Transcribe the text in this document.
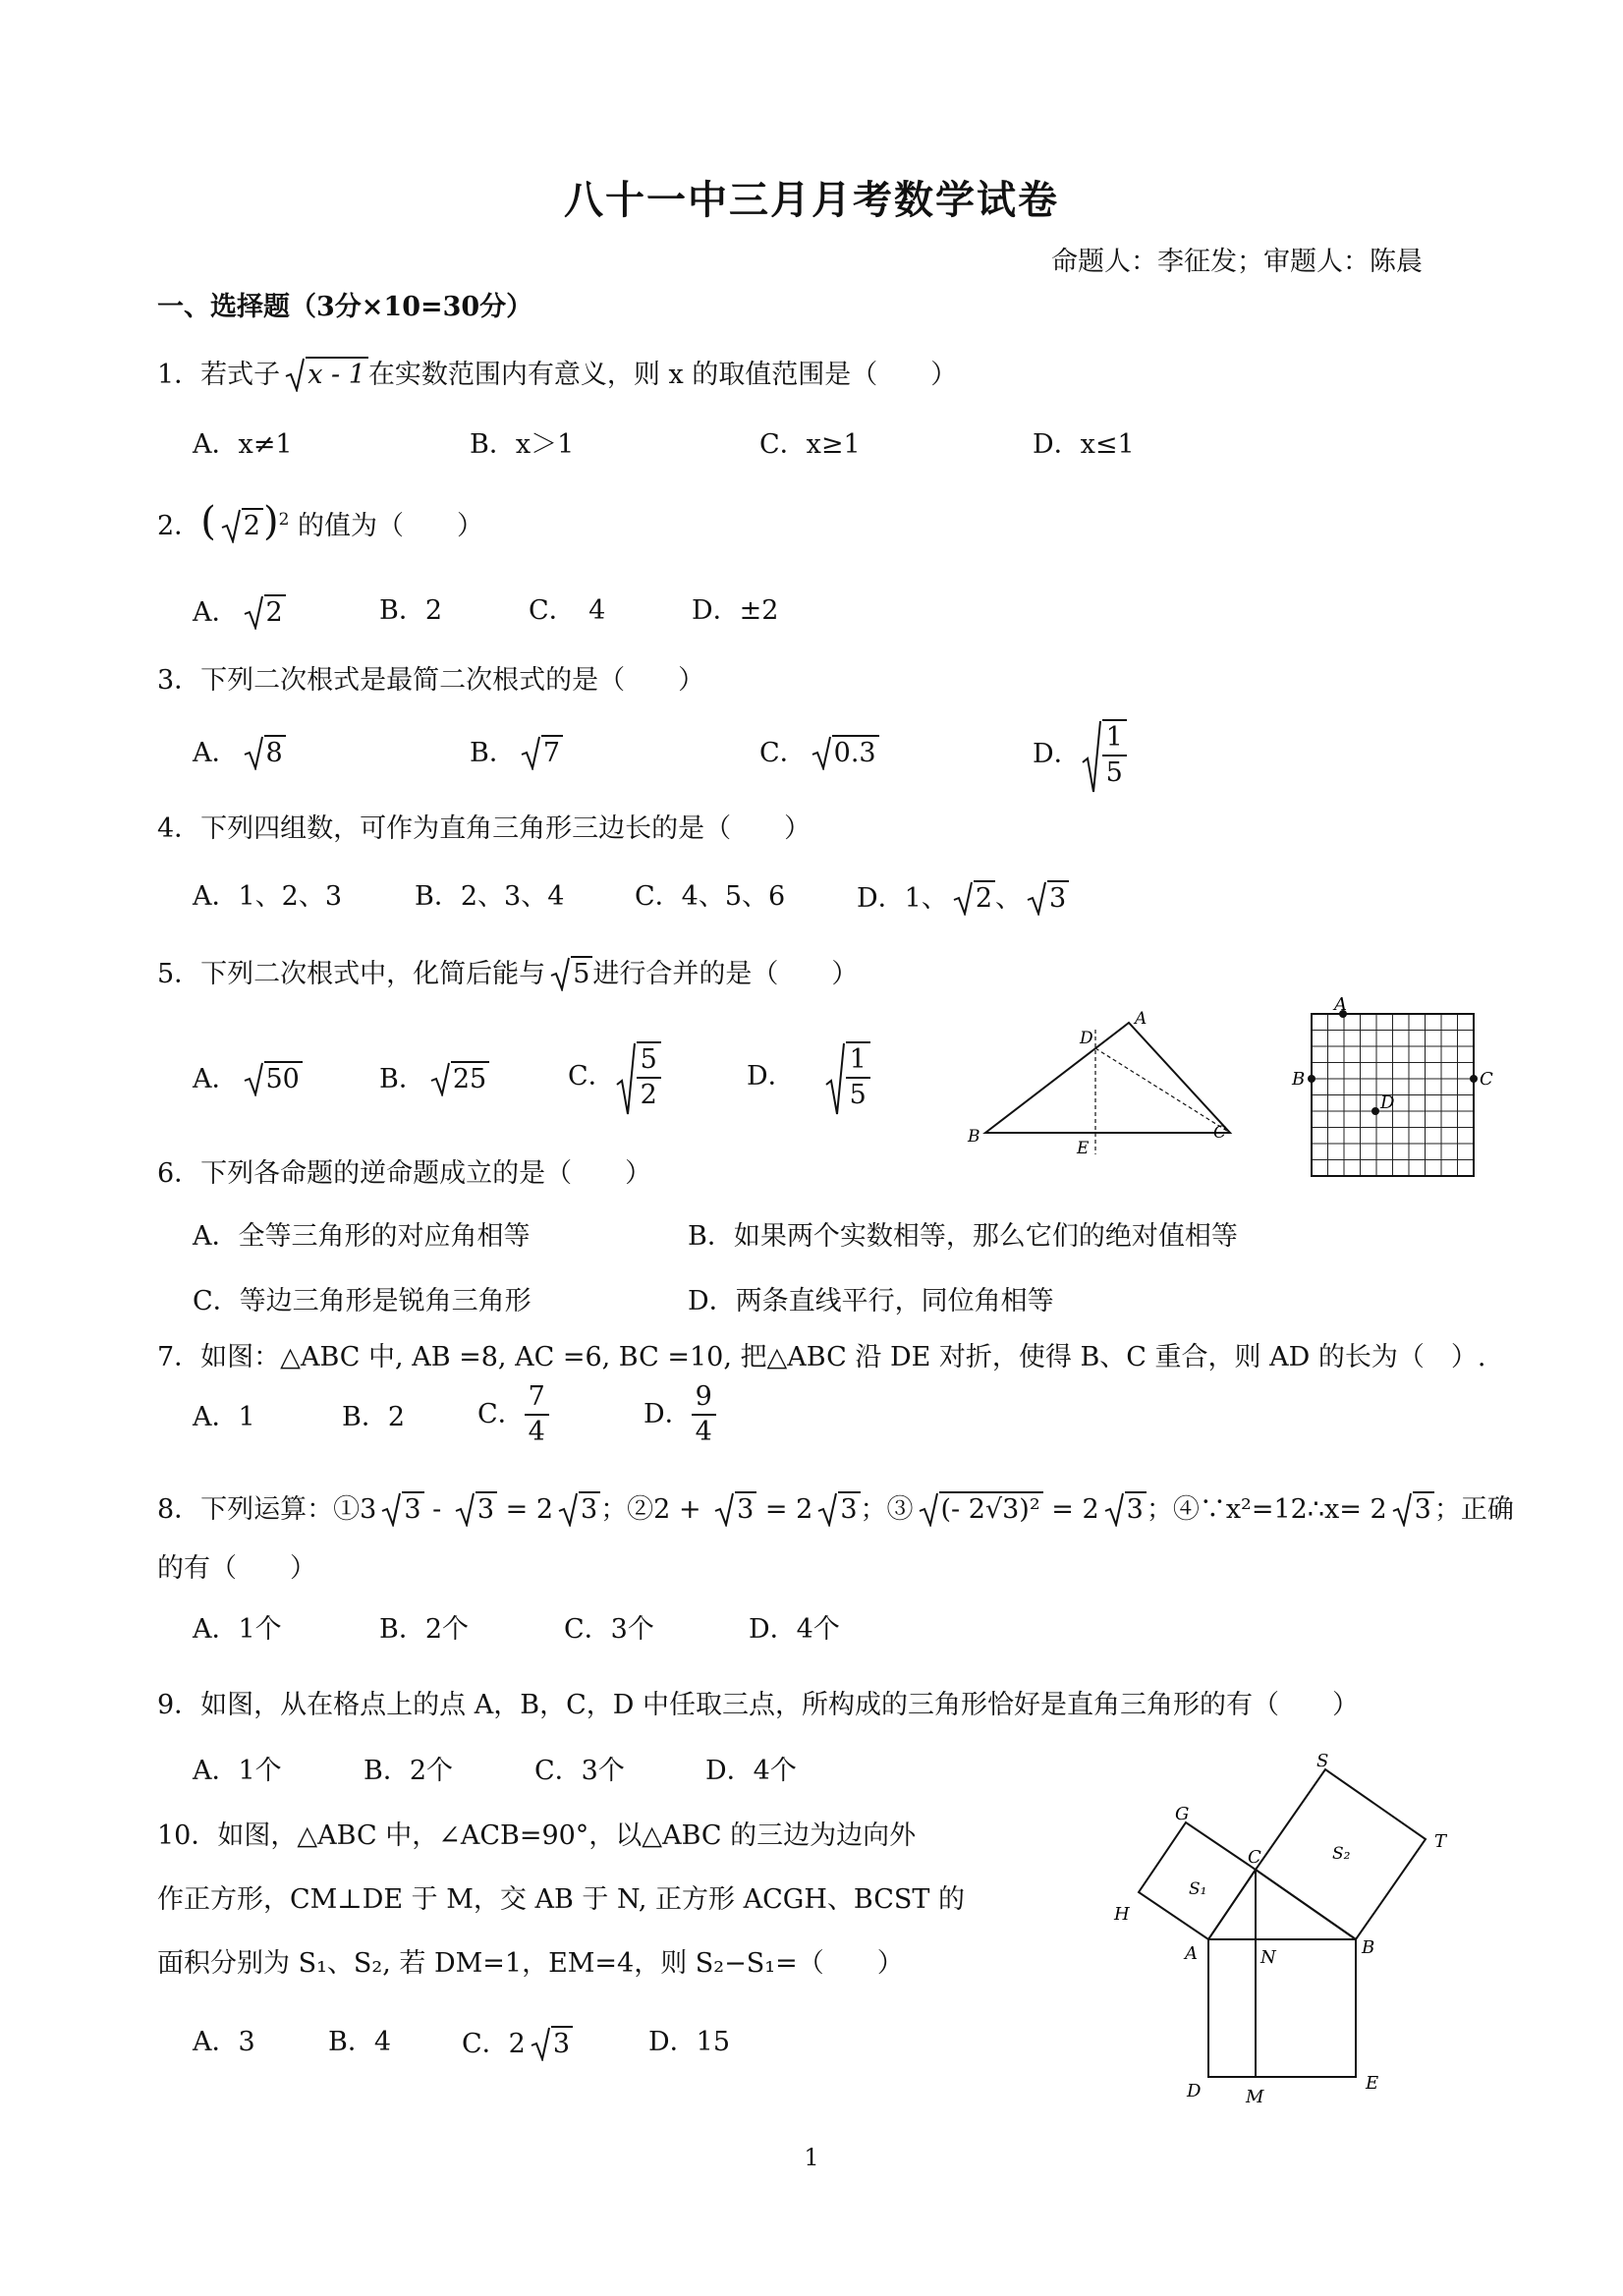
八十一中三月月考数学试卷
命题人：李征发；审题人：陈晨
一、选择题（3分×10=30分）
1．若式子 x - 1 在实数范围内有意义，则 x 的取值范围是（　　）
A．x≠1	B．x＞1	C．x≥1	D．x≤1
2．( 2)$^2$ 的值为（　　）
A． 2	B．2	C．　4	D．±2
3．下列二次根式是最简二次根式的是（　　）
A． 8	B． 7	C． 0.3	D． $\frac{1}{5}$
4．下列四组数，可作为直角三角形三边长的是（　　）
A．1、2、3	B．2、3、4	C．4、5、6	D．1、 2 、 3
5．下列二次根式中，化简后能与 5 进行合并的是（　　）
A． 50	B． 25	C． $\frac{5}{2}$	D． $\frac{1}{5}$
A
B	C
D
E
A
B	C
D
6．下列各命题的逆命题成立的是（　　）
A．全等三角形的对应角相等	B．如果两个实数相等，那么它们的绝对值相等
C．等边三角形是锐角三角形	D．两条直线平行，同位角相等
7．如图：△ABC 中, AB =8, AC =6, BC =10, 把△ABC 沿 DE 对折，使得 B、C 重合，则 AD 的长为（　）.
A．1	B．2	C． $\frac{7}{4}$	D． $\frac{9}{4}$
8．下列运算：①3 3 -
3 = 2 3 ；②2 +
3 = 2 3 ；③ (- 2√3)² = 2 3 ；④∵x²=12∴x= 2 3 ；正确
的有（　　）
A．1个	B．2个	C．3个	D．4个
9．如图，从在格点上的点 A，B，C，D 中任取三点，所构成的三角形恰好是直角三角形的有（　　）
A．1个	B．2个	C．3个	D．4个
10．如图，△ABC 中，∠ACB=90°，以△ABC 的三边为边向外
作正方形，CM⊥DE 于 M，交 AB 于 N, 正方形 ACGH、BCST 的
面积分别为 S₁、S₂, 若 DM=1，EM=4，则 S₂−S₁=（　　）
A．3	B．4	C．2 3	D．15
S
T
G
C	S₂
S₁
H
A	N	B
D	M
E
1
